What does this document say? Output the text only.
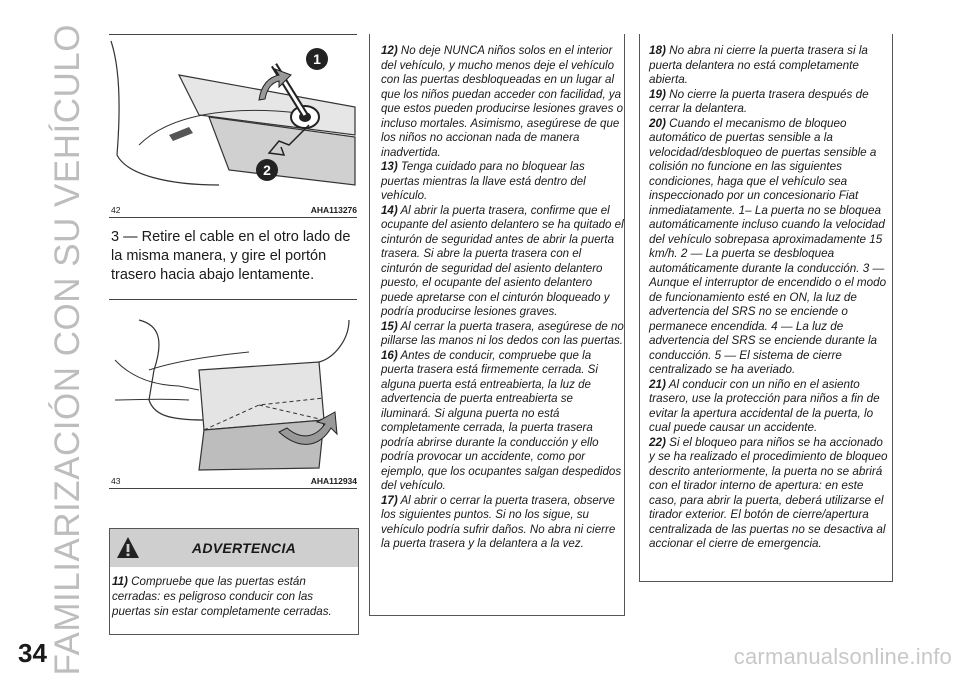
FAMILIARIZACIÓN CON SU VEHÍCULO	1
2
42	AHA113276
3 — Retire el cable en el otro lado de la misma manera, y gire el portón trasero hacia abajo lentamente.
43	AHA112934
ADVERTENCIA

11) Compruebe que las puertas están cerradas: es peligroso conducir con las puertas sin estar completamente cerradas.

12) No deje NUNCA niños solos en el interior del vehículo, y mucho menos deje el vehículo con las puertas desbloqueadas en un lugar al que los niños puedan acceder con facilidad, ya que estos pueden producirse lesiones graves o incluso mortales. Asimismo, asegúrese de que los niños no accionan nada de manera inadvertida.

13) Tenga cuidado para no bloquear las puertas mientras la llave está dentro del vehículo.

14) Al abrir la puerta trasera, confirme que el ocupante del asiento delantero se ha quitado el cinturón de seguridad antes de abrir la puerta trasera. Si abre la puerta trasera con el cinturón de seguridad del asiento delantero puesto, el ocupante del asiento delantero puede apretarse con el cinturón bloqueado y podría producirse lesiones graves.

15) Al cerrar la puerta trasera, asegúrese de no pillarse las manos ni los dedos con las puertas.

16) Antes de conducir, compruebe que la puerta trasera está firmemente cerrada. Si alguna puerta está entreabierta, la luz de advertencia de puerta entreabierta se iluminará. Si alguna puerta no está completamente cerrada, la puerta trasera podría abrirse durante la conducción y ello podría provocar un accidente, como por ejemplo, que los ocupantes salgan despedidos del vehículo.

17) Al abrir o cerrar la puerta trasera, observe los siguientes puntos. Si no los sigue, su vehículo podría sufrir daños. No abra ni cierre la puerta trasera y la delantera a la vez.

18) No abra ni cierre la puerta trasera si la puerta delantera no está completamente abierta.

19) No cierre la puerta trasera después de cerrar la delantera.

20) Cuando el mecanismo de bloqueo automático de puertas sensible a la velocidad/desbloqueo de puertas sensible a colisión no funcione en las siguientes condiciones, haga que el vehículo sea inspeccionado por un concesionario Fiat inmediatamente. 1– La puerta no se bloquea automáticamente incluso cuando la velocidad del vehículo sobrepasa aproximadamente 15 km/h. 2 — La puerta se desbloquea automáticamente durante la conducción. 3 — Aunque el interruptor de encendido o el modo de funcionamiento esté en ON, la luz de advertencia del SRS no se enciende o permanece encendida. 4 — La luz de advertencia del SRS se enciende durante la conducción. 5 — El sistema de cierre centralizado se ha averiado.

21) Al conducir con un niño en el asiento trasero, use la protección para niños a fin de evitar la apertura accidental de la puerta, lo cual puede causar un accidente.

22) Si el bloqueo para niños se ha accionado y se ha realizado el procedimiento de bloqueo descrito anteriormente, la puerta no se abrirá con el tirador interno de apertura: en este caso, para abrir la puerta, deberá utilizarse el tirador exterior. El botón de cierre/apertura centralizada de las puertas no se desactiva al accionar el cierre de emergencia.

34	carmanualsonline.info
